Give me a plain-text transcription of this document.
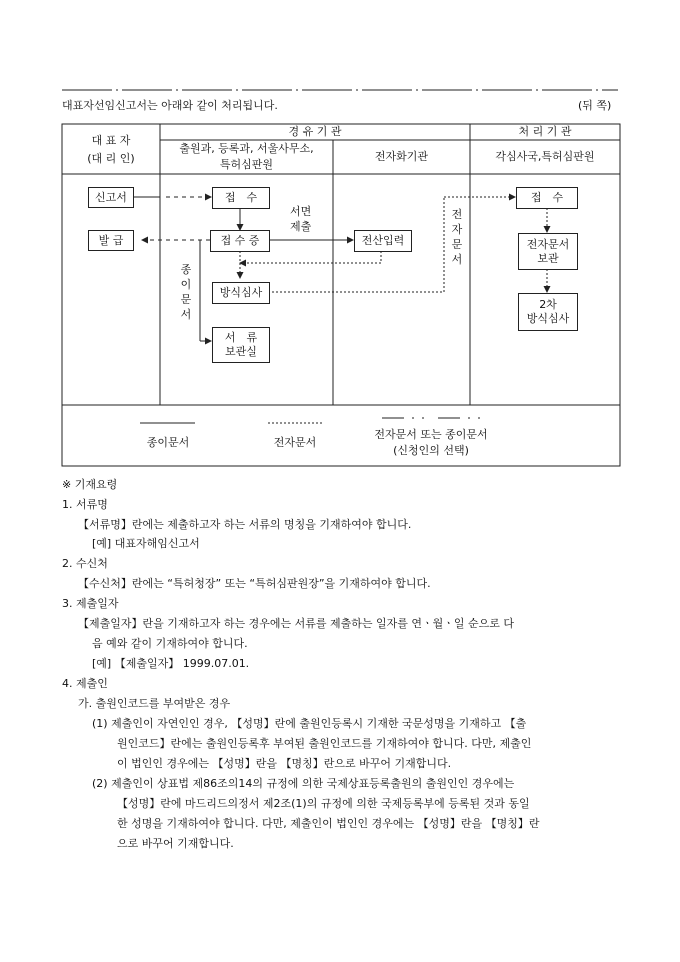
대표자선임신고서는 아래와 같이 처리됩니다.	(뒤 쪽)
대 표 자
(대 리 인)
경 유 기 관
출원과, 등록과, 서울사무소,
특허심판원
전자화기관
처 리 기 관
각심사국,특허심판원
신고서
발 급
접　수
접 수 증
서면
제출
종이문서
방식심사
서　류
보관실
전산입력
전자문서
접　수
전자문서
보관
2차
방식심사
종이문서	전자문서
전자문서 또는 종이문서
(신청인의 선택)
※ 기재요령
1. 서류명
【서류명】란에는 제출하고자 하는 서류의 명칭을 기재하여야 합니다.
[예] 대표자해임신고서
2. 수신처
【수신처】란에는 “특허청장” 또는 “특허심판원장”을 기재하여야 합니다.
3. 제출일자
【제출일자】란을 기재하고자 하는 경우에는 서류를 제출하는 일자를 연ㆍ월ㆍ일 순으로 다
음 예와 같이 기재하여야 합니다.
[예] 【제출일자】 1999.07.01.
4. 제출인
가. 출원인코드를 부여받은 경우
(1) 제출인이 자연인인 경우, 【성명】란에 출원인등록시 기재한 국문성명을 기재하고 【출
원인코드】란에는 출원인등록후 부여된 출원인코드를 기재하여야 합니다. 다만, 제출인
이 법인인 경우에는 【성명】란을 【명칭】란으로 바꾸어 기재합니다.
(2) 제출인이 상표법 제86조의14의 규정에 의한 국제상표등록출원의 출원인인 경우에는
【성명】란에 마드리드의정서 제2조(1)의 규정에 의한 국제등록부에 등록된 것과 동일
한 성명을 기재하여야 합니다. 다만, 제출인이 법인인 경우에는 【성명】란을 【명칭】란
으로 바꾸어 기재합니다.
